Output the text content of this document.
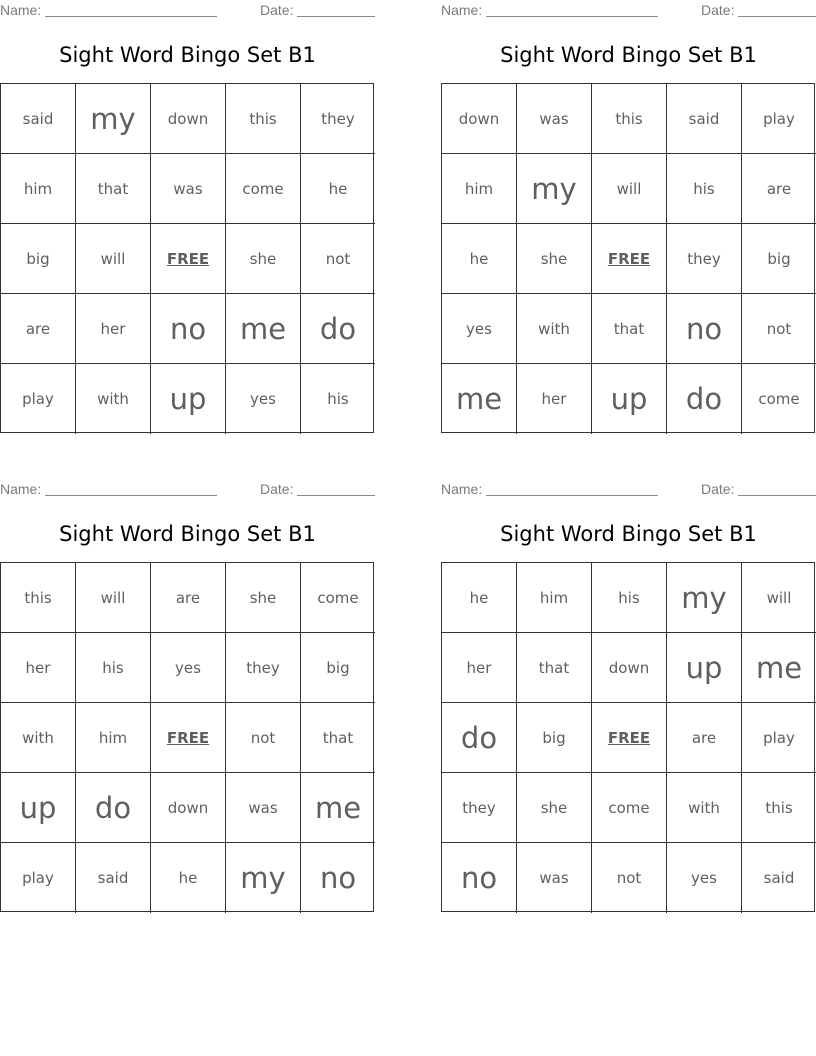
Name:	Date:
Sight Word Bingo Set B1
said	my	down	this	they
him	that	was	come	he
big	will	FREE	she	not
are	her	no	me	do
play	with	up	yes	his
Name:	Date:
Sight Word Bingo Set B1
down	was	this	said	play
him	my	will	his	are
he	she	FREE	they	big
yes	with	that	no	not
me	her	up	do	come
Name:	Date:
Sight Word Bingo Set B1
this	will	are	she	come
her	his	yes	they	big
with	him	FREE	not	that
up	do	down	was	me
play	said	he	my	no
Name:	Date:
Sight Word Bingo Set B1
he	him	his	my	will
her	that	down	up	me
do	big	FREE	are	play
they	she	come	with	this
no	was	not	yes	said
